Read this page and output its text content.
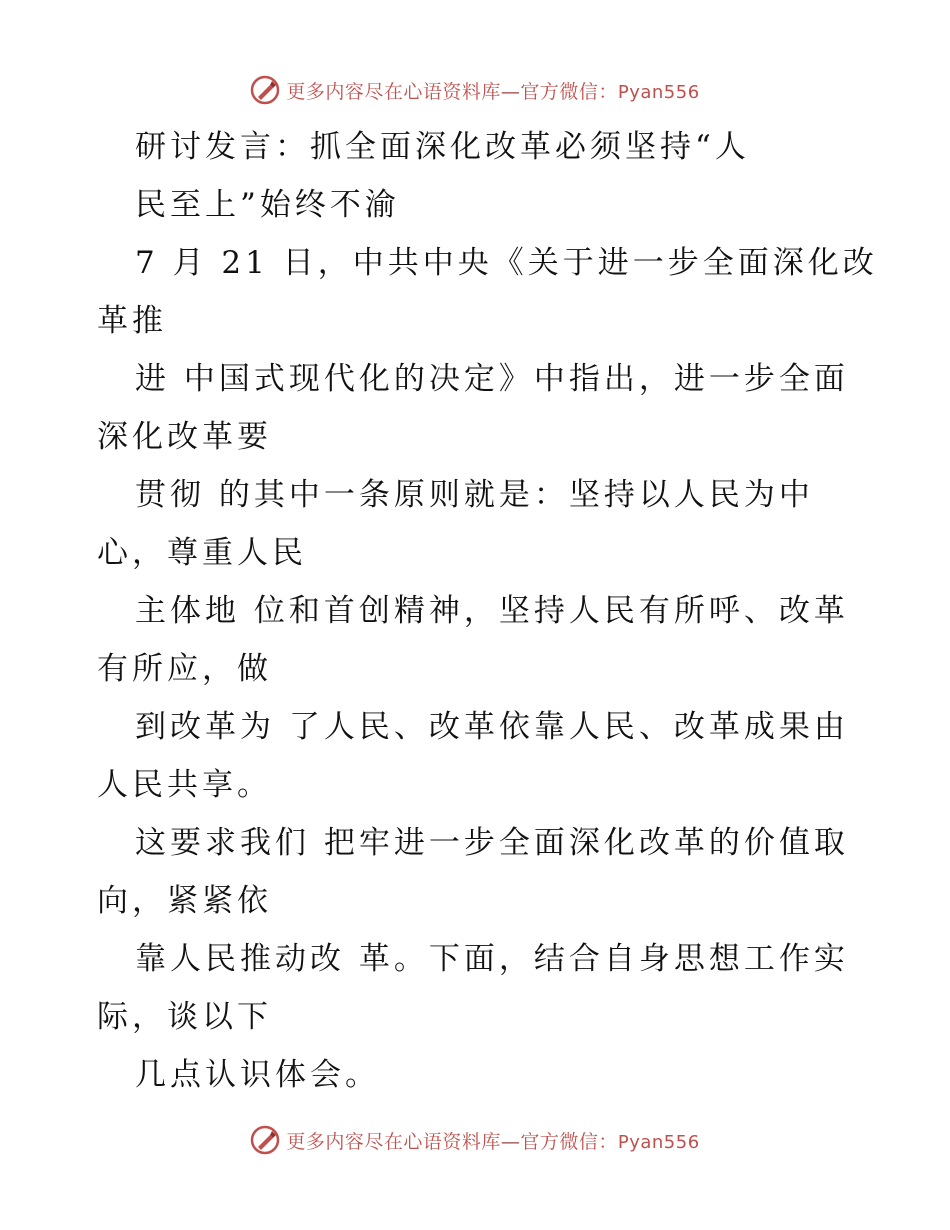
更多内容尽在心语资料库—官方微信：Pyan556
研讨发言：抓全面深化改革必须坚持“人
民至上”始终不渝
7 月 21 日，中共中央《关于进一步全面深化改
革推
进 中国式现代化的决定》中指出，进一步全面
深化改革要
贯彻 的其中一条原则就是：坚持以人民为中
心，尊重人民
主体地 位和首创精神，坚持人民有所呼、改革
有所应，做
到改革为 了人民、改革依靠人民、改革成果由
人民共享。
这要求我们 把牢进一步全面深化改革的价值取
向，紧紧依
靠人民推动改 革。下面，结合自身思想工作实
际，谈以下
几点认识体会。
更多内容尽在心语资料库—官方微信：Pyan556
